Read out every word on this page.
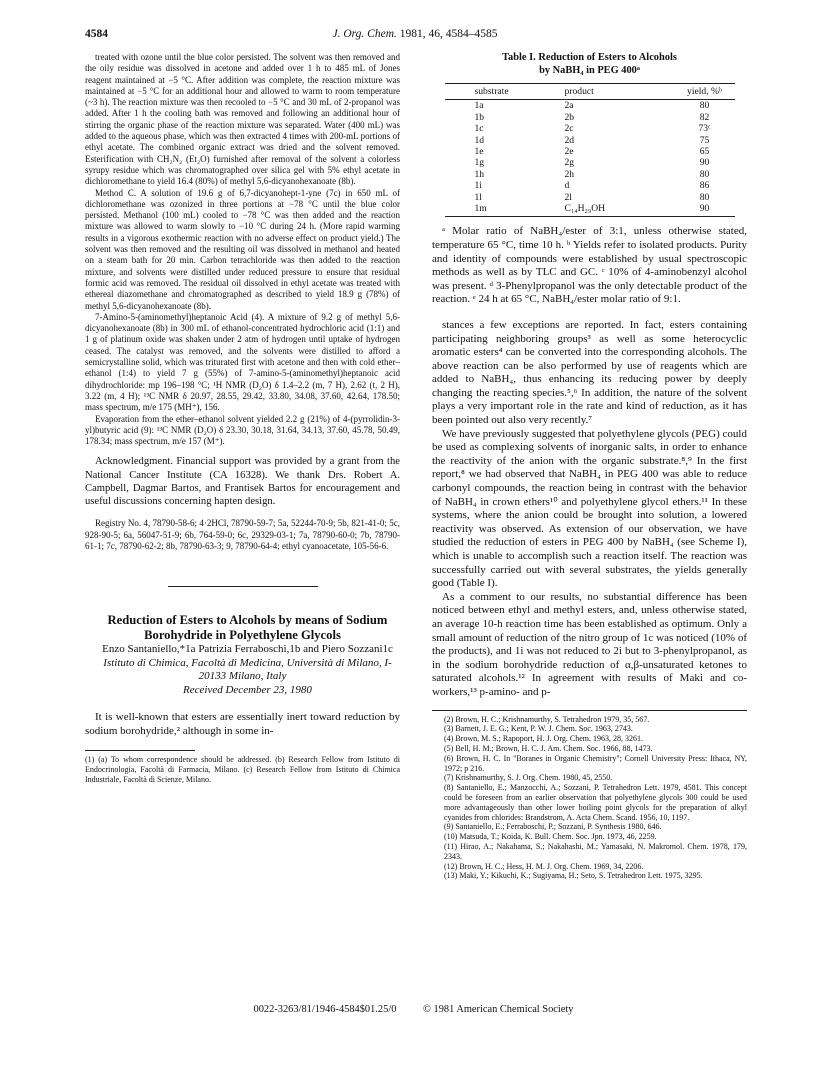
4584	J. Org. Chem. 1981, 46, 4584–4585

treated with ozone until the blue color persisted. The solvent was then removed and the oily residue was dissolved in acetone and added over 1 h to 485 mL of Jones reagent maintained at −5 °C. After addition was complete, the reaction mixture was maintained at −5 °C for an additional hour and allowed to warm to room temperature (~3 h). The reaction mixture was then recooled to −5 °C and 30 mL of 2-propanol was added. After 1 h the cooling bath was removed and following an additional hour of stirring the organic phase of the reaction mixture was separated. Water (400 mL) was added to the aqueous phase, which was then extracted 4 times with 200-mL portions of ethyl acetate. The combined organic extract was dried and the solvent removed. Esterification with CH₂N₂ (Et₂O) furnished after removal of the solvent a colorless syrupy residue which was chromatographed over silica gel with 5% ethyl acetate in dichloromethane to yield 16.4 (80%) of methyl 5,6-dicyanohexanoate (8b).

Method C. A solution of 19.6 g of 6,7-dicyanohept-1-yne (7c) in 650 mL of dichloromethane was ozonized in three portions at −78 °C until the blue color persisted. Methanol (100 mL) cooled to −78 °C was then added and the reaction mixture was allowed to warm slowly to −10 °C during 24 h. (More rapid warming results in a vigorous exothermic reaction with no adverse effect on product yield.) The solvent was then removed and the resulting oil was dissolved in methanol and heated on a steam bath for 20 min. Carbon tetrachloride was then added to the reaction mixture, and solvents were distilled under reduced pressure to ensure that residual formic acid was removed. The residual oil dissolved in ethyl acetate was treated with ethereal diazomethane and chromatographed as described to yield 18.9 g (78%) of methyl 5,6-dicyanohexanoate (8b).

7-Amino-5-(aminomethyl)heptanoic Acid (4). A mixture of 9.2 g of methyl 5,6-dicyanohexanoate (8b) in 300 mL of ethanol-concentrated hydrochloric acid (1:1) and 1 g of platinum oxide was shaken under 2 atm of hydrogen until uptake of hydrogen ceased. The catalyst was removed, and the solvents were distilled to afford a semicrystalline solid, which was triturated first with acetone and then with cold ether–ethanol (1:4) to yield 7 g (55%) of 7-amino-5-(aminomethyl)heptanoic acid dihydrochloride: mp 196–198 °C; ¹H NMR (D₂O) δ 1.4–2.2 (m, 7 H), 2.62 (t, 2 H), 3.22 (m, 4 H); ¹³C NMR δ 20.97, 28.55, 29.42, 33.80, 34.08, 37.60, 42.64, 178.50; mass spectrum, m/e 175 (MH⁺), 156.

Evaporation from the ether–ethanol solvent yielded 2.2 g (21%) of 4-(pyrrolidin-3-yl)butyric acid (9): ¹³C NMR (D₂O) δ 23.30, 30.18, 31.64, 34.13, 37.60, 45.78, 50.49, 178.34; mass spectrum, m/e 157 (M⁺).

Acknowledgment. Financial support was provided by a grant from the National Cancer Institute (CA 16328). We thank Drs. Robert A. Campbell, Dagmar Bartos, and Frantisek Bartos for encouragement and useful discussions concerning hapten design.

Registry No. 4, 78790-58-6; 4·2HCl, 78790-59-7; 5a, 52244-70-9; 5b, 821-41-0; 5c, 928-90-5; 6a, 56047-51-9; 6b, 764-59-0; 6c, 29329-03-1; 7a, 78790-60-0; 7b, 78790-61-1; 7c, 78790-62-2; 8b, 78790-63-3; 9, 78790-64-4; ethyl cyanoacetate, 105-56-6.

Reduction of Esters to Alcohols by means of Sodium Borohydride in Polyethylene Glycols

Enzo Santaniello,*1a Patrizia Ferraboschi,1b and Piero Sozzani1c

Istituto di Chimica, Facoltà di Medicina, Università di Milano, I-20133 Milano, Italy

Received December 23, 1980

It is well-known that esters are essentially inert toward reduction by sodium borohydride,² although in some in-

(1) (a) To whom correspondence should be addressed. (b) Research Fellow from Istituto di Endocrinologia, Facoltà di Farmacia, Milano. (c) Research Fellow from Istituto di Chimica Industriale, Facoltà di Scienze, Milano.

Table I. Reduction of Esters to Alcohols
by NaBH₄ in PEG 400ᵃ
substrate	product	yield, %ᵇ
1a	2a	80
1b	2b	82
1c	2c	73ᶜ
1d	2d	75
1e	2e	65
1g	2g	90
1h	2h	80
1i	d	86
1l	2l	80
1m	C₁₄H₂₉OH	90

ᵃ Molar ratio of NaBH₄/ester of 3:1, unless otherwise stated, temperature 65 °C, time 10 h. ᵇ Yields refer to isolated products. Purity and identity of compounds were established by usual spectroscopic methods as well as by TLC and GC. ᶜ 10% of 4-aminobenzyl alcohol was present. ᵈ 3-Phenylpropanol was the only detectable product of the reaction. ᵉ 24 h at 65 °C, NaBH₄/ester molar ratio of 9:1.

stances a few exceptions are reported. In fact, esters containing participating neighboring groups³ as well as some heterocyclic aromatic esters⁴ can be converted into the corresponding alcohols. The above reaction can be also performed by use of reagents which are added to NaBH₄, thus enhancing its reducing power by deeply changing the reacting species.⁵,⁶ In addition, the nature of the solvent plays a very important role in the rate and kind of reduction, as it has been pointed out also very recently.⁷

We have previously suggested that polyethylene glycols (PEG) could be used as complexing solvents of inorganic salts, in order to enhance the reactivity of the anion with the organic substrate.⁸,⁹ In the first report,⁸ we had observed that NaBH₄ in PEG 400 was able to reduce carbonyl compounds, the reaction being in contrast with the behavior of NaBH₄ in crown ethers¹⁰ and polyethylene glycol ethers.¹¹ In these systems, where the anion could be brought into solution, a lowered reactivity was observed. As extension of our observation, we have studied the reduction of esters in PEG 400 by NaBH₄ (see Scheme I), which is unable to accomplish such a reaction itself. The reaction was successfully carried out with several substrates, the yields generally good (Table I).

As a comment to our results, no substantial difference has been noticed between ethyl and methyl esters, and, unless otherwise stated, an average 10-h reaction time has been established as optimum. Only a small amount of reduction of the nitro group of 1c was noticed (10% of the products), and 1i was not reduced to 2i but to 3-phenylpropanol, as in the sodium borohydride reduction of α,β-unsaturated ketones to saturated alcohols.¹² In agreement with results of Maki and co-workers,¹³ p-amino- and p-

(2) Brown, H. C.; Krishnamurthy, S. Tetrahedron 1979, 35, 567.

(3) Barnett, J. E. G.; Kent, P. W. J. Chem. Soc. 1963, 2743.

(4) Brown, M. S.; Rapoport, H. J. Org. Chem. 1963, 28, 3261.

(5) Bell, H. M.; Brown, H. C. J. Am. Chem. Soc. 1966, 88, 1473.

(6) Brown, H. C. In "Boranes in Organic Chemistry"; Cornell University Press: Ithaca, NY, 1972; p 216.

(7) Krishnamurthy, S. J. Org. Chem. 1980, 45, 2550.

(8) Santaniello, E.; Manzocchi, A.; Sozzani, P. Tetrahedron Lett. 1979, 4581. This concept could be foreseen from an earlier observation that polyethylene glycols 300 could be used more advantageously than other lower boiling point glycols for the preparation of alkyl cyanides from chlorides: Brandstrom, A. Acta Chem. Scand. 1956, 10, 1197.

(9) Santaniello, E.; Ferraboschi, P.; Sozzani, P. Synthesis 1980, 646.

(10) Matsuda, T.; Koida, K. Bull. Chem. Soc. Jpn. 1973, 46, 2259.

(11) Hirao, A.; Nakahama, S.; Nakahashi, M.; Yamasaki, N. Makromol. Chem. 1978, 179, 2343.

(12) Brown, H. C.; Hess, H. M. J. Org. Chem. 1969, 34, 2206.

(13) Maki, Y.; Kikuchi, K.; Sugiyama, H.; Seto, S. Tetrahedron Lett. 1975, 3295.

0022-3263/81/1946-4584$01.25/0	© 1981 American Chemical Society
